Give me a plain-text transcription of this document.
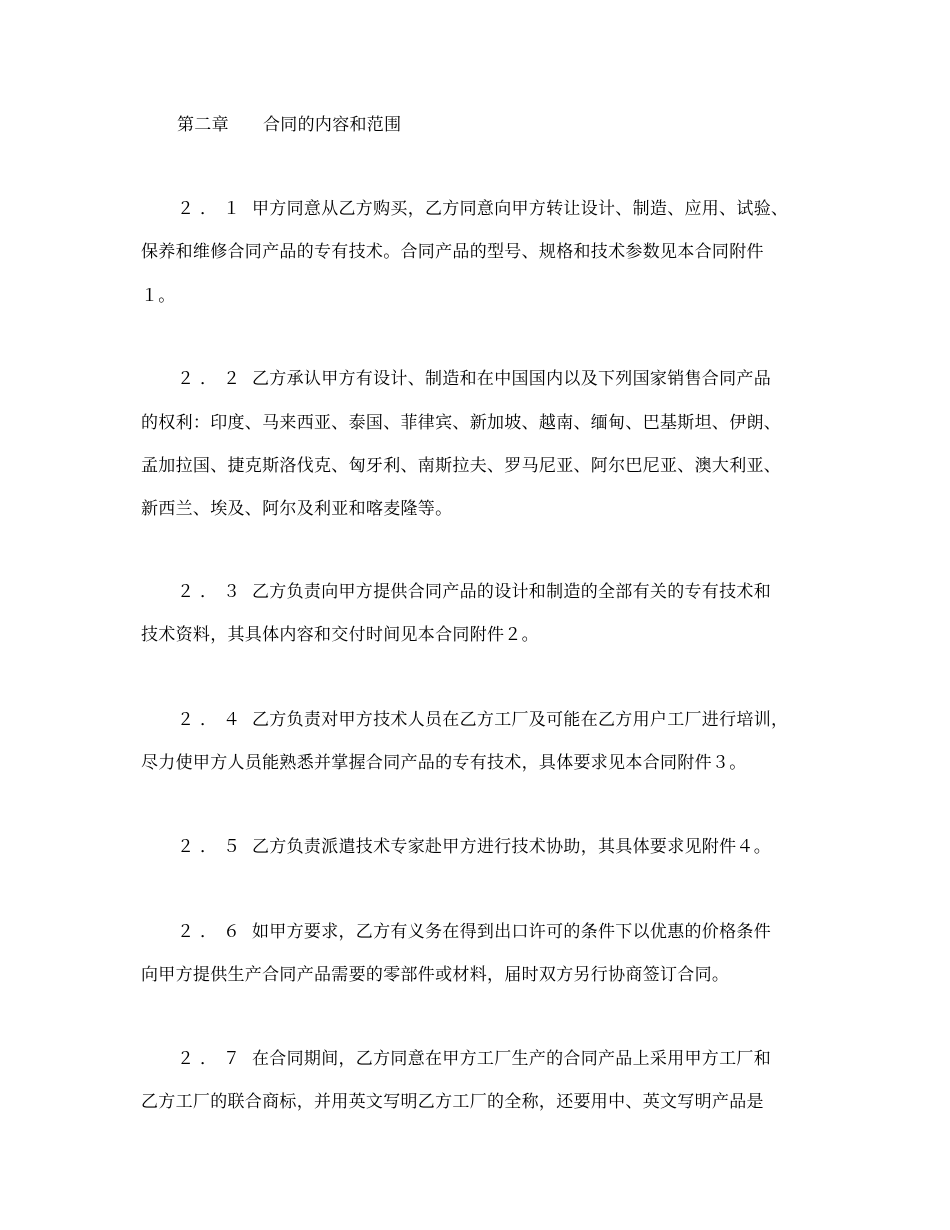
第二章 合同的内容和范围
２．１ 甲方同意从乙方购买，乙方同意向甲方转让设计、制造、应用、试验、
保养和维修合同产品的专有技术。合同产品的型号、规格和技术参数见本合同附件
１。
２．２ 乙方承认甲方有设计、制造和在中国国内以及下列国家销售合同产品
的权利：印度、马来西亚、泰国、菲律宾、新加坡、越南、缅甸、巴基斯坦、伊朗、
孟加拉国、捷克斯洛伐克、匈牙利、南斯拉夫、罗马尼亚、阿尔巴尼亚、澳大利亚、
新西兰、埃及、阿尔及利亚和喀麦隆等。
２．３ 乙方负责向甲方提供合同产品的设计和制造的全部有关的专有技术和
技术资料，其具体内容和交付时间见本合同附件２。
２．４ 乙方负责对甲方技术人员在乙方工厂及可能在乙方用户工厂进行培训，
尽力使甲方人员能熟悉并掌握合同产品的专有技术，具体要求见本合同附件３。
２．５ 乙方负责派遣技术专家赴甲方进行技术协助，其具体要求见附件４。
２．６ 如甲方要求，乙方有义务在得到出口许可的条件下以优惠的价格条件
向甲方提供生产合同产品需要的零部件或材料，届时双方另行协商签订合同。
２．７ 在合同期间，乙方同意在甲方工厂生产的合同产品上采用甲方工厂和
乙方工厂的联合商标，并用英文写明乙方工厂的全称，还要用中、英文写明产品是
